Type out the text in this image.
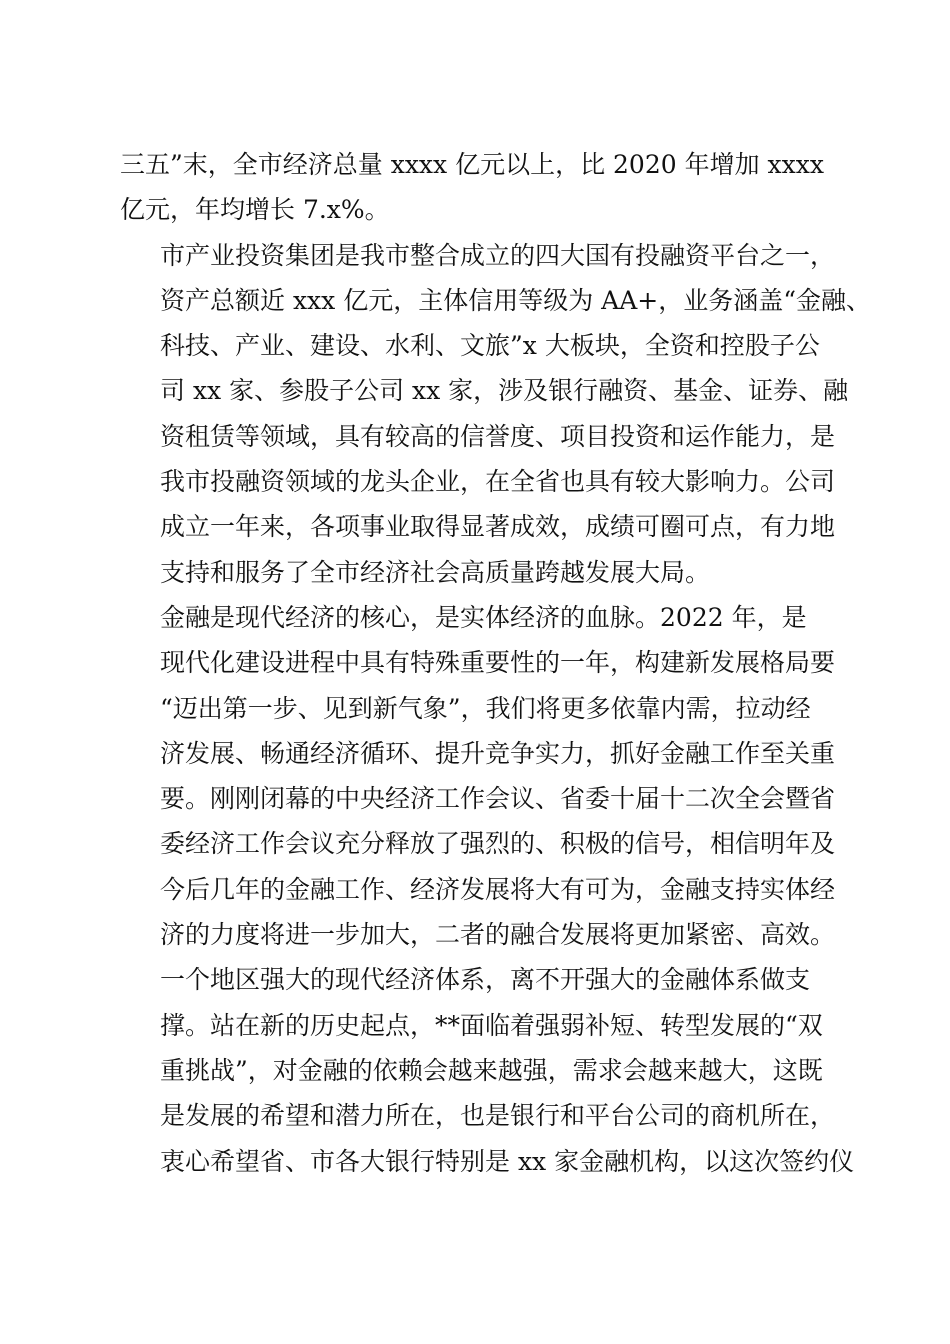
三五”末，全市经济总量 xxxx 亿元以上，比 2020 年增加 xxxx
亿元，年均增长 7.x%。

市产业投资集团是我市整合成立的四大国有投融资平台之一，
资产总额近 xxx 亿元，主体信用等级为 AA+，业务涵盖“金融、
科技、产业、建设、水利、文旅”x 大板块，全资和控股子公
司 xx 家、参股子公司 xx 家，涉及银行融资、基金、证券、融
资租赁等领域，具有较高的信誉度、项目投资和运作能力，是
我市投融资领域的龙头企业，在全省也具有较大影响力。公司
成立一年来，各项事业取得显著成效，成绩可圈可点，有力地
支持和服务了全市经济社会高质量跨越发展大局。

金融是现代经济的核心，是实体经济的血脉。2022 年，是
现代化建设进程中具有特殊重要性的一年，构建新发展格局要
“迈出第一步、见到新气象”，我们将更多依靠内需，拉动经
济发展、畅通经济循环、提升竞争实力，抓好金融工作至关重
要。刚刚闭幕的中央经济工作会议、省委十届十二次全会暨省
委经济工作会议充分释放了强烈的、积极的信号，相信明年及
今后几年的金融工作、经济发展将大有可为，金融支持实体经
济的力度将进一步加大，二者的融合发展将更加紧密、高效。

一个地区强大的现代经济体系，离不开强大的金融体系做支
撑。站在新的历史起点，**面临着强弱补短、转型发展的“双
重挑战”，对金融的依赖会越来越强，需求会越来越大，这既
是发展的希望和潜力所在，也是银行和平台公司的商机所在，
衷心希望省、市各大银行特别是 xx 家金融机构，以这次签约仪
